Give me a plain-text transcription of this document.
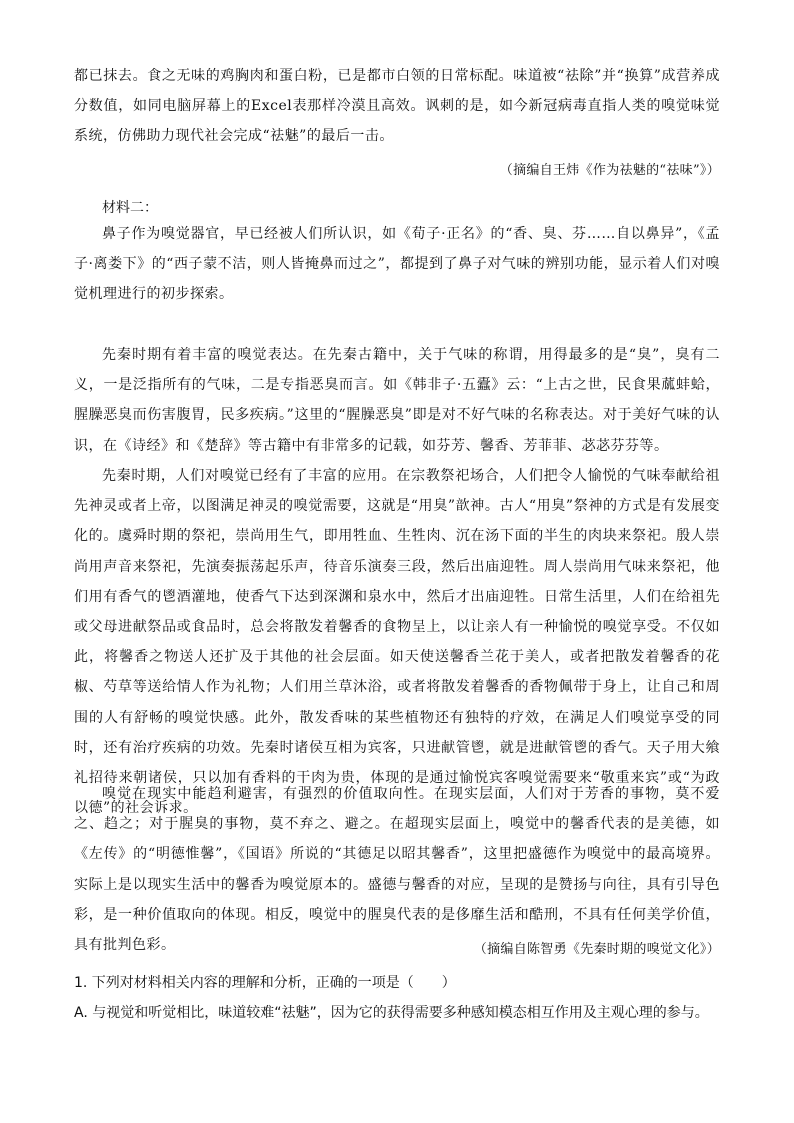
都已抹去。食之无味的鸡胸肉和蛋白粉，已是都市白领的日常标配。味道被“祛除”并“换算”成营养成分数值，如同电脑屏幕上的Excel表那样冷漠且高效。讽刺的是，如今新冠病毒直指人类的嗅觉味觉系统，仿佛助力现代社会完成“祛魅”的最后一击。
（摘编自王炜《作为祛魅的“祛味”》）
材料二：
鼻子作为嗅觉器官，早已经被人们所认识，如《荀子·正名》的“香、臭、芬……自以鼻异”，《孟子·离娄下》的“西子蒙不洁，则人皆掩鼻而过之”，都提到了鼻子对气味的辨别功能，显示着人们对嗅觉机理进行的初步探索。
先秦时期有着丰富的嗅觉表达。在先秦古籍中，关于气味的称谓，用得最多的是“臭”，臭有二义，一是泛指所有的气味，二是专指恶臭而言。如《韩非子·五蠹》云：“上古之世，民食果蓏蚌蛤，腥臊恶臭而伤害腹胃，民多疾病。”这里的“腥臊恶臭”即是对不好气味的名称表达。对于美好气味的认识，在《诗经》和《楚辞》等古籍中有非常多的记载，如芬芳、馨香、芳菲菲、苾苾芬芬等。
先秦时期，人们对嗅觉已经有了丰富的应用。在宗教祭祀场合，人们把令人愉悦的气味奉献给祖先神灵或者上帝，以图满足神灵的嗅觉需要，这就是“用臭”歆神。古人“用臭”祭神的方式是有发展变化的。虞舜时期的祭祀，崇尚用生气，即用牲血、生牲肉、沉在汤下面的半生的肉块来祭祀。殷人崇尚用声音来祭祀，先演奏振荡起乐声，待音乐演奏三段，然后出庙迎牲。周人崇尚用气味来祭祀，他们用有香气的鬯酒灌地，使香气下达到深渊和泉水中，然后才出庙迎牲。日常生活里，人们在给祖先或父母进献祭品或食品时，总会将散发着馨香的食物呈上，以让亲人有一种愉悦的嗅觉享受。不仅如此，将馨香之物送人还扩及于其他的社会层面。如天使送馨香兰花于美人，或者把散发着馨香的花椒、芍草等送给情人作为礼物；人们用兰草沐浴，或者将散发着馨香的香物佩带于身上，让自己和周围的人有舒畅的嗅觉快感。此外，散发香味的某些植物还有独特的疗效，在满足人们嗅觉享受的同时，还有治疗疾病的功效。先秦时诸侯互相为宾客，只进献管鬯，就是进献管鬯的香气。天子用大飨礼招待来朝诸侯，只以加有香料的干肉为贵，体现的是通过愉悦宾客嗅觉需要来“敬重来宾”或“为政以德”的社会诉求。
嗅觉在现实中能趋利避害，有强烈的价值取向性。在现实层面，人们对于芳香的事物，莫不爱之、趋之；对于腥臭的事物，莫不弃之、避之。在超现实层面上，嗅觉中的馨香代表的是美德，如《左传》的“明德惟馨”，《国语》所说的“其德足以昭其馨香”，这里把盛德作为嗅觉中的最高境界。实际上是以现实生活中的馨香为嗅觉原本的。盛德与馨香的对应，呈现的是赞扬与向往，具有引导色彩，是一种价值取向的体现。相反，嗅觉中的腥臭代表的是侈靡生活和酷刑，不具有任何美学价值，具有批判色彩。	（摘编自陈智勇《先秦时期的嗅觉文化》）
1. 下列对材料相关内容的理解和分析，正确的一项是（　　）
A. 与视觉和听觉相比，味道较难“祛魅”，因为它的获得需要多种感知模态相互作用及主观心理的参与。
